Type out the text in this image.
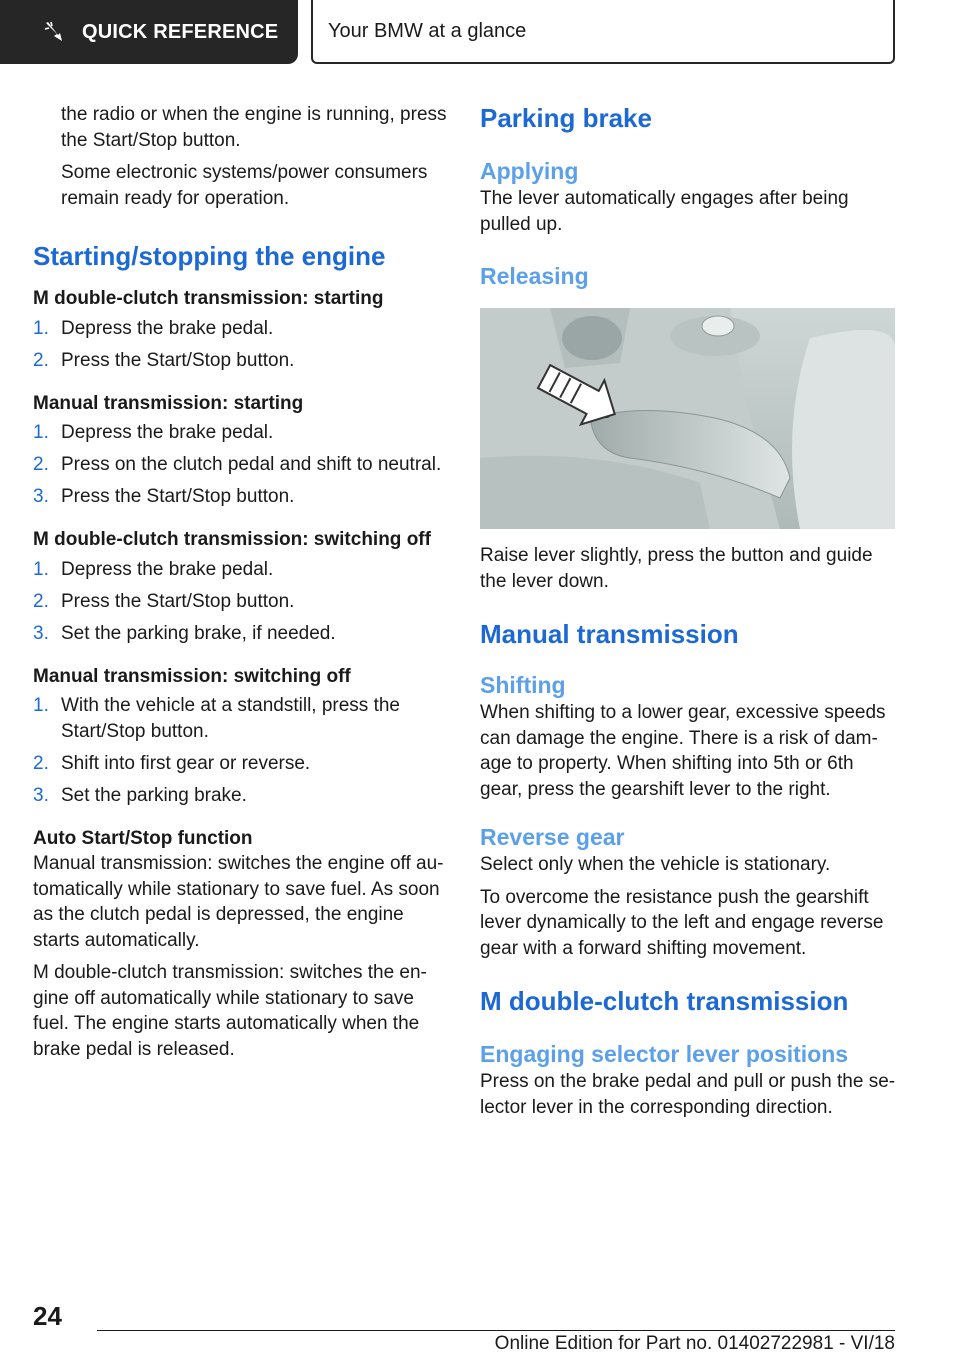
QUICK REFERENCE Your BMW at a glance

the radio or when the engine is running, press the Start/Stop button.

Some electronic systems/power consumers remain ready for operation.

Starting/stopping the engine
M double-clutch transmission: starting
1. Depress the brake pedal.
2. Press the Start/Stop button.
Manual transmission: starting
1. Depress the brake pedal.
2. Press on the clutch pedal and shift to neutral.
3. Press the Start/Stop button.
M double-clutch transmission: switching off
1. Depress the brake pedal.
2. Press the Start/Stop button.
3. Set the parking brake, if needed.
Manual transmission: switching off
1. With the vehicle at a standstill, press the Start/Stop button.
2. Shift into first gear or reverse.
3. Set the parking brake.
Auto Start/Stop function

Manual transmission: switches the engine off au-tomatically while stationary to save fuel. As soon as the clutch pedal is depressed, the engine starts automatically.

M double-clutch transmission: switches the en-gine off automatically while stationary to save fuel. The engine starts automatically when the brake pedal is released.

Parking brake
Applying

The lever automatically engages after being pulled up.

Releasing

Raise lever slightly, press the button and guide the lever down.

Manual transmission
Shifting

When shifting to a lower gear, excessive speeds can damage the engine. There is a risk of dam-age to property. When shifting into 5th or 6th gear, press the gearshift lever to the right.

Reverse gear

Select only when the vehicle is stationary.

To overcome the resistance push the gearshift lever dynamically to the left and engage reverse gear with a forward shifting movement.

M double-clutch transmission
Engaging selector lever positions

Press on the brake pedal and pull or push the se-lector lever in the corresponding direction.

24
Online Edition for Part no. 01402722981 - VI/18
